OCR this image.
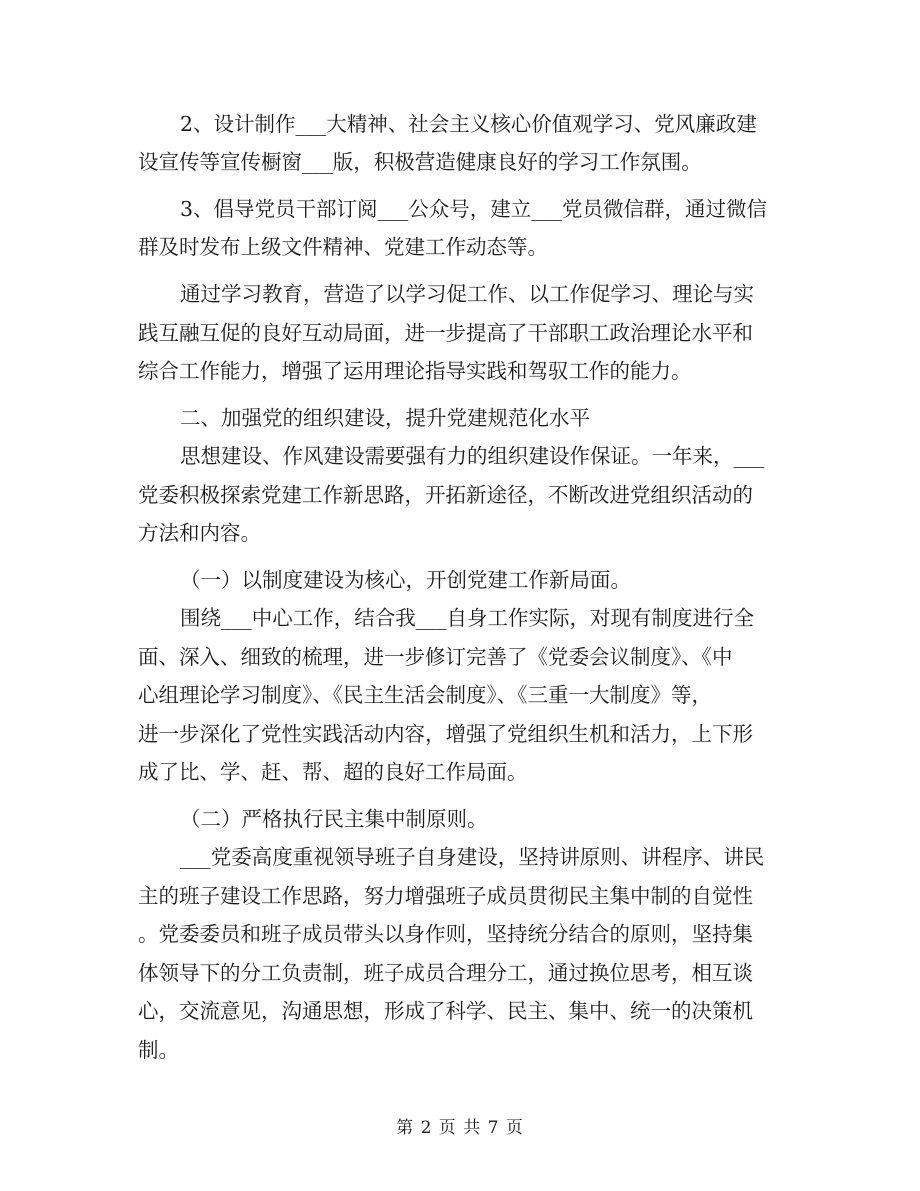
2、设计制作___大精神、社会主义核心价值观学习、党风廉政建
设宣传等宣传橱窗___版，积极营造健康良好的学习工作氛围。
3、倡导党员干部订阅___公众号，建立___党员微信群，通过微信
群及时发布上级文件精神、党建工作动态等。
通过学习教育，营造了以学习促工作、以工作促学习、理论与实
践互融互促的良好互动局面，进一步提高了干部职工政治理论水平和
综合工作能力，增强了运用理论指导实践和驾驭工作的能力。
二、加强党的组织建设，提升党建规范化水平
思想建设、作风建设需要强有力的组织建设作保证。一年来，___
党委积极探索党建工作新思路，开拓新途径，不断改进党组织活动的
方法和内容。
（一）以制度建设为核心，开创党建工作新局面。
围绕___中心工作，结合我___自身工作实际，对现有制度进行全
面、深入、细致的梳理，进一步修订完善了《党委会议制度》、《中
心组理论学习制度》、《民主生活会制度》、《三重一大制度》等，
进一步深化了党性实践活动内容，增强了党组织生机和活力，上下形
成了比、学、赶、帮、超的良好工作局面。
（二）严格执行民主集中制原则。
___党委高度重视领导班子自身建设，坚持讲原则、讲程序、讲民
主的班子建设工作思路，努力增强班子成员贯彻民主集中制的自觉性
。党委委员和班子成员带头以身作则，坚持统分结合的原则，坚持集
体领导下的分工负责制，班子成员合理分工，通过换位思考，相互谈
心，交流意见，沟通思想，形成了科学、民主、集中、统一的决策机
制。
第 2 页 共 7 页
